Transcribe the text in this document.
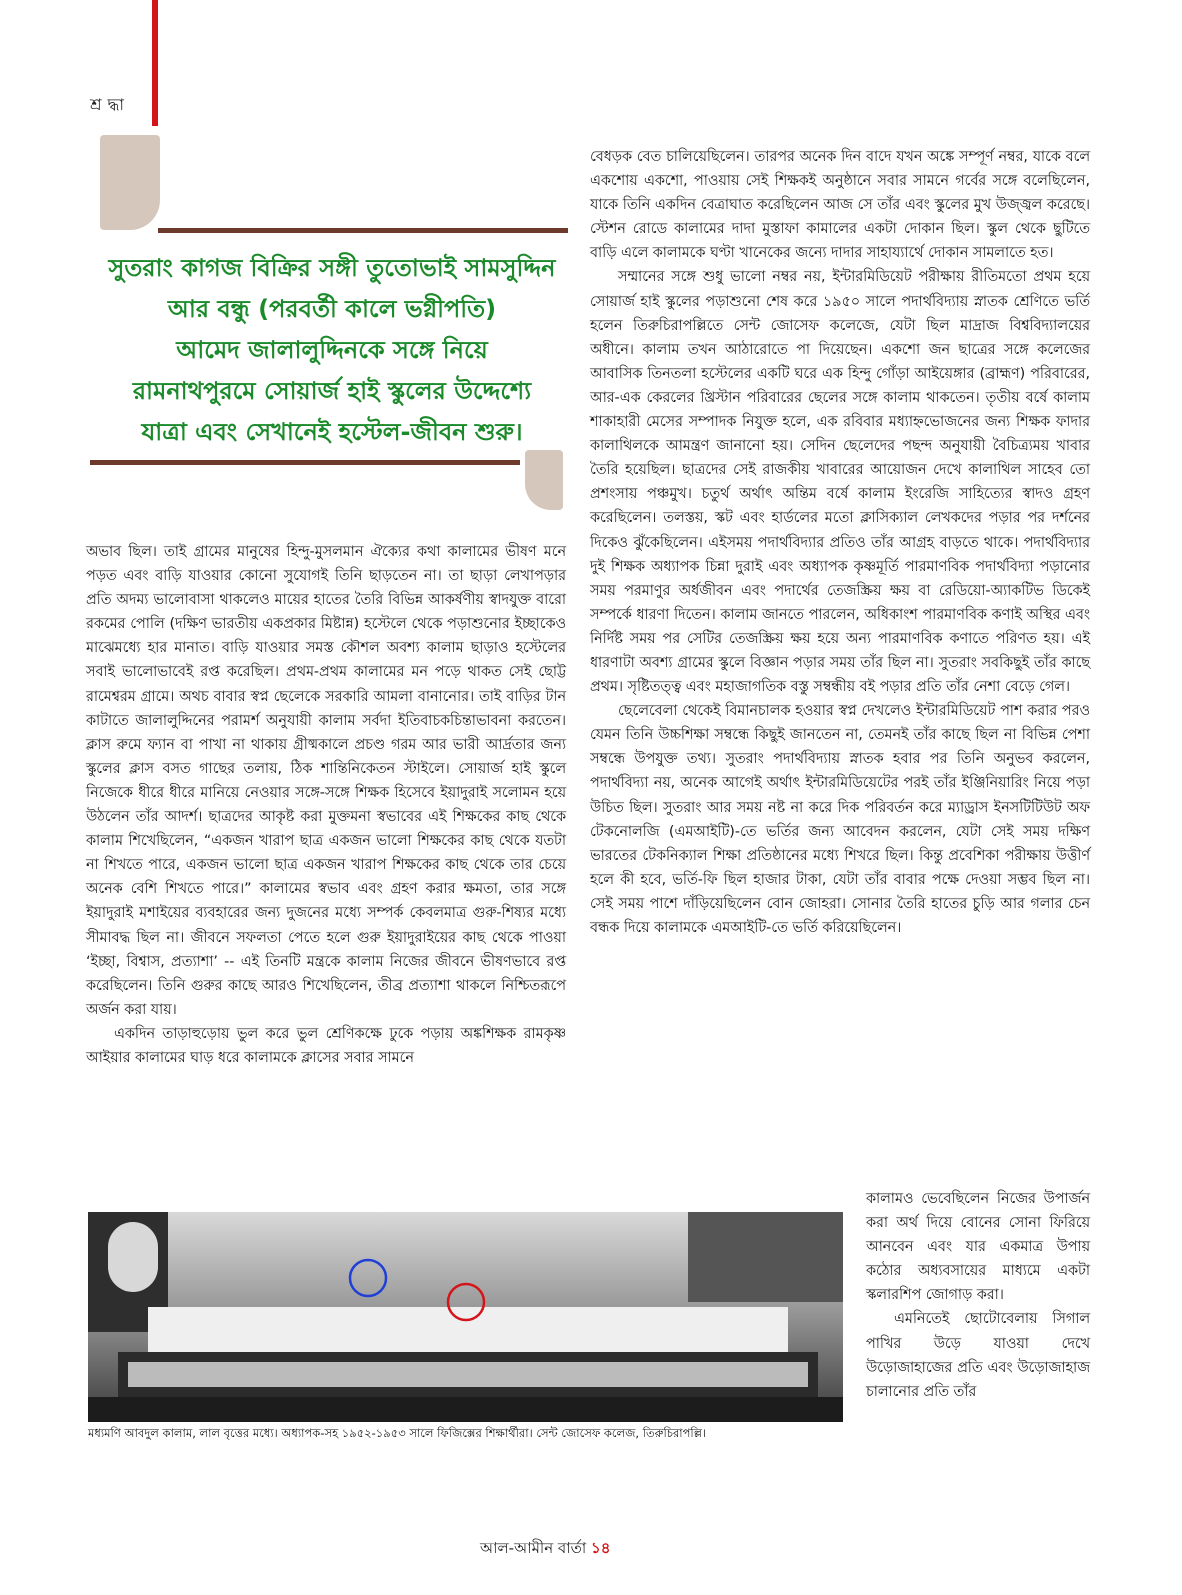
শ্রদ্ধা
সুতরাং কাগজ বিক্রির সঙ্গী তুতোভাই সামসুদ্দিন
আর বন্ধু (পরবর্তী কালে ভগ্নীপতি)
আমেদ জালালুদ্দিনকে সঙ্গে নিয়ে
রামনাথপুরমে সোয়ার্জ হাই স্কুলের উদ্দেশ্যে
যাত্রা এবং সেখানেই হস্টেল-জীবন শুরু।

অভাব ছিল। তাই গ্রামের মানুষের হিন্দু-মুসলমান ঐক্যের কথা কালামের ভীষণ মনে পড়ত এবং বাড়ি যাওয়ার কোনো সুযোগই তিনি ছাড়তেন না। তা ছাড়া লেখাপড়ার প্রতি অদম্য ভালোবাসা থাকলেও মায়ের হাতের তৈরি বিভিন্ন আকর্ষণীয় স্বাদযুক্ত বারো রকমের পোলি (দক্ষিণ ভারতীয় একপ্রকার মিষ্টান্ন) হস্টেলে থেকে পড়াশুনোর ইচ্ছাকেও মাঝেমধ্যে হার মানাত। বাড়ি যাওয়ার সমস্ত কৌশল অবশ্য কালাম ছাড়াও হস্টেলের সবাই ভালোভাবেই রপ্ত করেছিল। প্রথম-প্রথম কালামের মন পড়ে থাকত সেই ছোট্ট রামেশ্বরম গ্রামে। অথচ বাবার স্বপ্ন ছেলেকে সরকারি আমলা বানানোর। তাই বাড়ির টান কাটাতে জালালুদ্দিনের পরামর্শ অনুযায়ী কালাম সর্বদা ইতিবাচকচিন্তাভাবনা করতেন। ক্লাস রুমে ফ্যান বা পাখা না থাকায় গ্রীষ্মকালে প্রচণ্ড গরম আর ভারী আর্দ্রতার জন্য স্কুলের ক্লাস বসত গাছের তলায়, ঠিক শান্তিনিকেতন স্টাইলে। সোয়ার্জ হাই স্কুলে নিজেকে ধীরে ধীরে মানিয়ে নেওয়ার সঙ্গে-সঙ্গে শিক্ষক হিসেবে ইয়াদুরাই সলোমন হয়ে উঠলেন তাঁর আদর্শ। ছাত্রদের আকৃষ্ট করা মুক্তমনা স্বভাবের এই শিক্ষকের কাছ থেকে কালাম শিখেছিলেন, “একজন খারাপ ছাত্র একজন ভালো শিক্ষকের কাছ থেকে যতটা না শিখতে পারে, একজন ভালো ছাত্র একজন খারাপ শিক্ষকের কাছ থেকে তার চেয়ে অনেক বেশি শিখতে পারে।” কালামের স্বভাব এবং গ্রহণ করার ক্ষমতা, তার সঙ্গে ইয়াদুরাই মশাইয়ের ব্যবহারের জন্য দুজনের মধ্যে সম্পর্ক কেবলমাত্র গুরু-শিষ্যর মধ্যে সীমাবদ্ধ ছিল না। জীবনে সফলতা পেতে হলে গুরু ইয়াদুরাইয়ের কাছ থেকে পাওয়া ‘ইচ্ছা, বিশ্বাস, প্রত্যাশা’ -- এই তিনটি মন্ত্রকে কালাম নিজের জীবনে ভীষণভাবে রপ্ত করেছিলেন। তিনি গুরুর কাছে আরও শিখেছিলেন, তীব্র প্রত্যাশা থাকলে নিশ্চিতরূপে অর্জন করা যায়।

একদিন তাড়াহুড়োয় ভুল করে ভুল শ্রেণিকক্ষে ঢুকে পড়ায় অঙ্কশিক্ষক রামকৃষ্ণ আইয়ার কালামের ঘাড় ধরে কালামকে ক্লাসের সবার সামনে

বেধড়ক বেত চালিয়েছিলেন। তারপর অনেক দিন বাদে যখন অঙ্কে সম্পূর্ণ নম্বর, যাকে বলে একশোয় একশো, পাওয়ায় সেই শিক্ষকই অনুষ্ঠানে সবার সামনে গর্বের সঙ্গে বলেছিলেন, যাকে তিনি একদিন বেত্রাঘাত করেছিলেন আজ সে তাঁর এবং স্কুলের মুখ উজ্জ্বল করেছে। স্টেশন রোডে কালামের দাদা মুস্তাফা কামালের একটা দোকান ছিল। স্কুল থেকে ছুটিতে বাড়ি এলে কালামকে ঘণ্টা খানেকের জন্যে দাদার সাহায্যার্থে দোকান সামলাতে হত।

সম্মানের সঙ্গে শুধু ভালো নম্বর নয়, ইন্টারমিডিয়েট পরীক্ষায় রীতিমতো প্রথম হয়ে সোয়ার্জ হাই স্কুলের পড়াশুনো শেষ করে ১৯৫০ সালে পদার্থবিদ্যায় স্নাতক শ্রেণিতে ভর্তি হলেন তিরুচিরাপল্লিতে সেন্ট জোসেফ কলেজে, যেটা ছিল মাদ্রাজ বিশ্ববিদ্যালয়ের অধীনে। কালাম তখন আঠারোতে পা দিয়েছেন। একশো জন ছাত্রের সঙ্গে কলেজের আবাসিক তিনতলা হস্টেলের একটি ঘরে এক হিন্দু গোঁড়া আইয়েঙ্গার (ব্রাহ্মণ) পরিবারের, আর-এক কেরলের খ্রিস্টান পরিবারের ছেলের সঙ্গে কালাম থাকতেন। তৃতীয় বর্ষে কালাম শাকাহারী মেসের সম্পাদক নিযুক্ত হলে, এক রবিবার মধ্যাহ্নভোজনের জন্য শিক্ষক ফাদার কালাথিলকে আমন্ত্রণ জানানো হয়। সেদিন ছেলেদের পছন্দ অনুযায়ী বৈচিত্র্যময় খাবার তৈরি হয়েছিল। ছাত্রদের সেই রাজকীয় খাবারের আয়োজন দেখে কালাথিল সাহেব তো প্রশংসায় পঞ্চমুখ। চতুর্থ অর্থাৎ অন্তিম বর্ষে কালাম ইংরেজি সাহিত্যের স্বাদও গ্রহণ করেছিলেন। তলস্তয়, স্কট এবং হার্ডলের মতো ক্লাসিক্যাল লেখকদের পড়ার পর দর্শনের দিকেও ঝুঁকেছিলেন। এইসময় পদার্থবিদ্যার প্রতিও তাঁর আগ্রহ বাড়তে থাকে। পদার্থবিদ্যার দুই শিক্ষক অধ্যাপক চিন্না দুরাই এবং অধ্যাপক কৃষ্ণমূর্তি পারমাণবিক পদার্থবিদ্যা পড়ানোর সময় পরমাণুর অর্ধজীবন এবং পদার্থের তেজস্ক্রিয় ক্ষয় বা রেডিয়ো-অ্যাকটিভ ডিকেই সম্পর্কে ধারণা দিতেন। কালাম জানতে পারলেন, অধিকাংশ পারমাণবিক কণাই অস্থির এবং নির্দিষ্ট সময় পর সেটির তেজস্ক্রিয় ক্ষয় হয়ে অন্য পারমাণবিক কণাতে পরিণত হয়। এই ধারণাটা অবশ্য গ্রামের স্কুলে বিজ্ঞান পড়ার সময় তাঁর ছিল না। সুতরাং সবকিছুই তাঁর কাছে প্রথম। সৃষ্টিতত্ত্ব এবং মহাজাগতিক বস্তু সম্বন্ধীয় বই পড়ার প্রতি তাঁর নেশা বেড়ে গেল।

ছেলেবেলা থেকেই বিমানচালক হওয়ার স্বপ্ন দেখলেও ইন্টারমিডিয়েট পাশ করার পরও যেমন তিনি উচ্চশিক্ষা সম্বন্ধে কিছুই জানতেন না, তেমনই তাঁর কাছে ছিল না বিভিন্ন পেশা সম্বন্ধে উপযুক্ত তথ্য। সুতরাং পদার্থবিদ্যায় স্নাতক হবার পর তিনি অনুভব করলেন, পদার্থবিদ্যা নয়, অনেক আগেই অর্থাৎ ইন্টারমিডিয়েটের পরই তাঁর ইঞ্জিনিয়ারিং নিয়ে পড়া উচিত ছিল। সুতরাং আর সময় নষ্ট না করে দিক পরিবর্তন করে ম্যাড্রাস ইনসটিটিউট অফ টেকনোলজি (এমআইটি)-তে ভর্তির জন্য আবেদন করলেন, যেটা সেই সময় দক্ষিণ ভারতের টেকনিক্যাল শিক্ষা প্রতিষ্ঠানের মধ্যে শিখরে ছিল। কিন্তু প্রবেশিকা পরীক্ষায় উত্তীর্ণ হলে কী হবে, ভর্তি-ফি ছিল হাজার টাকা, যেটা তাঁর বাবার পক্ষে দেওয়া সম্ভব ছিল না। সেই সময় পাশে দাঁড়িয়েছিলেন বোন জোহরা। সোনার তৈরি হাতের চুড়ি আর গলার চেন বন্ধক দিয়ে কালামকে এমআইটি-তে ভর্তি করিয়েছিলেন।

কালামও ভেবেছিলেন নিজের উপার্জন করা অর্থ দিয়ে বোনের সোনা ফিরিয়ে আনবেন এবং যার একমাত্র উপায় কঠোর অধ্যবসায়ের মাধ্যমে একটা স্কলারশিপ জোগাড় করা।

এমনিতেই ছোটোবেলায় সিগাল পাখির উড়ে যাওয়া দেখে উড়োজাহাজের প্রতি এবং উড়োজাহাজ চালানোর প্রতি তাঁর

মধ্যমণি আবদুল কালাম, লাল বৃত্তের মধ্যে। অধ্যাপক-সহ ১৯৫২-১৯৫৩ সালে ফিজিক্সের শিক্ষার্থীরা। সেন্ট জোসেফ কলেজ, তিরুচিরাপল্লি।
আল-আমীন বার্তা ১৪
